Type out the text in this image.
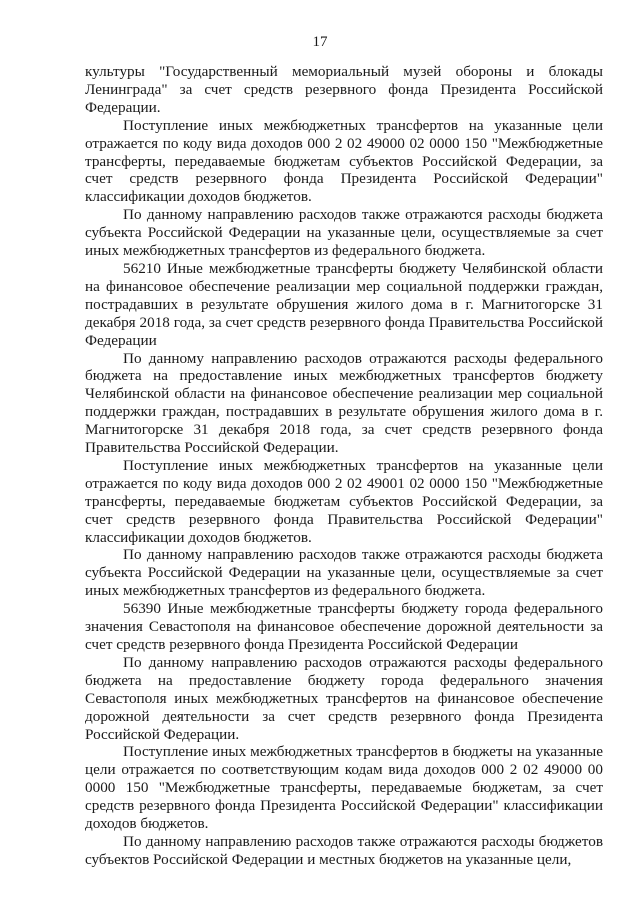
17

культуры "Государственный мемориальный музей обороны и блокады Ленинграда" за счет средств резервного фонда Президента Российской Федерации.

Поступление иных межбюджетных трансфертов на указанные цели отражается по коду вида доходов 000 2 02 49000 02 0000 150 "Межбюджетные трансферты, передаваемые бюджетам субъектов Российской Федерации, за счет средств резервного фонда Президента Российской Федерации" классификации доходов бюджетов.

По данному направлению расходов также отражаются расходы бюджета субъекта Российской Федерации на указанные цели, осуществляемые за счет иных межбюджетных трансфертов из федерального бюджета.

56210 Иные межбюджетные трансферты бюджету Челябинской области на финансовое обеспечение реализации мер социальной поддержки граждан, пострадавших в результате обрушения жилого дома в г. Магнитогорске 31 декабря 2018 года, за счет средств резервного фонда Правительства Российской Федерации

По данному направлению расходов отражаются расходы федерального бюджета на предоставление иных межбюджетных трансфертов бюджету Челябинской области на финансовое обеспечение реализации мер социальной поддержки граждан, пострадавших в результате обрушения жилого дома в г. Магнитогорске 31 декабря 2018 года, за счет средств резервного фонда Правительства Российской Федерации.

Поступление иных межбюджетных трансфертов на указанные цели отражается по коду вида доходов 000 2 02 49001 02 0000 150 "Межбюджетные трансферты, передаваемые бюджетам субъектов Российской Федерации, за счет средств резервного фонда Правительства Российской Федерации" классификации доходов бюджетов.

По данному направлению расходов также отражаются расходы бюджета субъекта Российской Федерации на указанные цели, осуществляемые за счет иных межбюджетных трансфертов из федерального бюджета.

56390 Иные межбюджетные трансферты бюджету города федерального значения Севастополя на финансовое обеспечение дорожной деятельности за счет средств резервного фонда Президента Российской Федерации

По данному направлению расходов отражаются расходы федерального бюджета на предоставление бюджету города федерального значения Севастополя иных межбюджетных трансфертов на финансовое обеспечение дорожной деятельности за счет средств резервного фонда Президента Российской Федерации.

Поступление иных межбюджетных трансфертов в бюджеты на указанные цели отражается по соответствующим кодам вида доходов 000 2 02 49000 00 0000 150 "Межбюджетные трансферты, передаваемые бюджетам, за счет средств резервного фонда Президента Российской Федерации" классификации доходов бюджетов.

По данному направлению расходов также отражаются расходы бюджетов субъектов Российской Федерации и местных бюджетов на указанные цели,
